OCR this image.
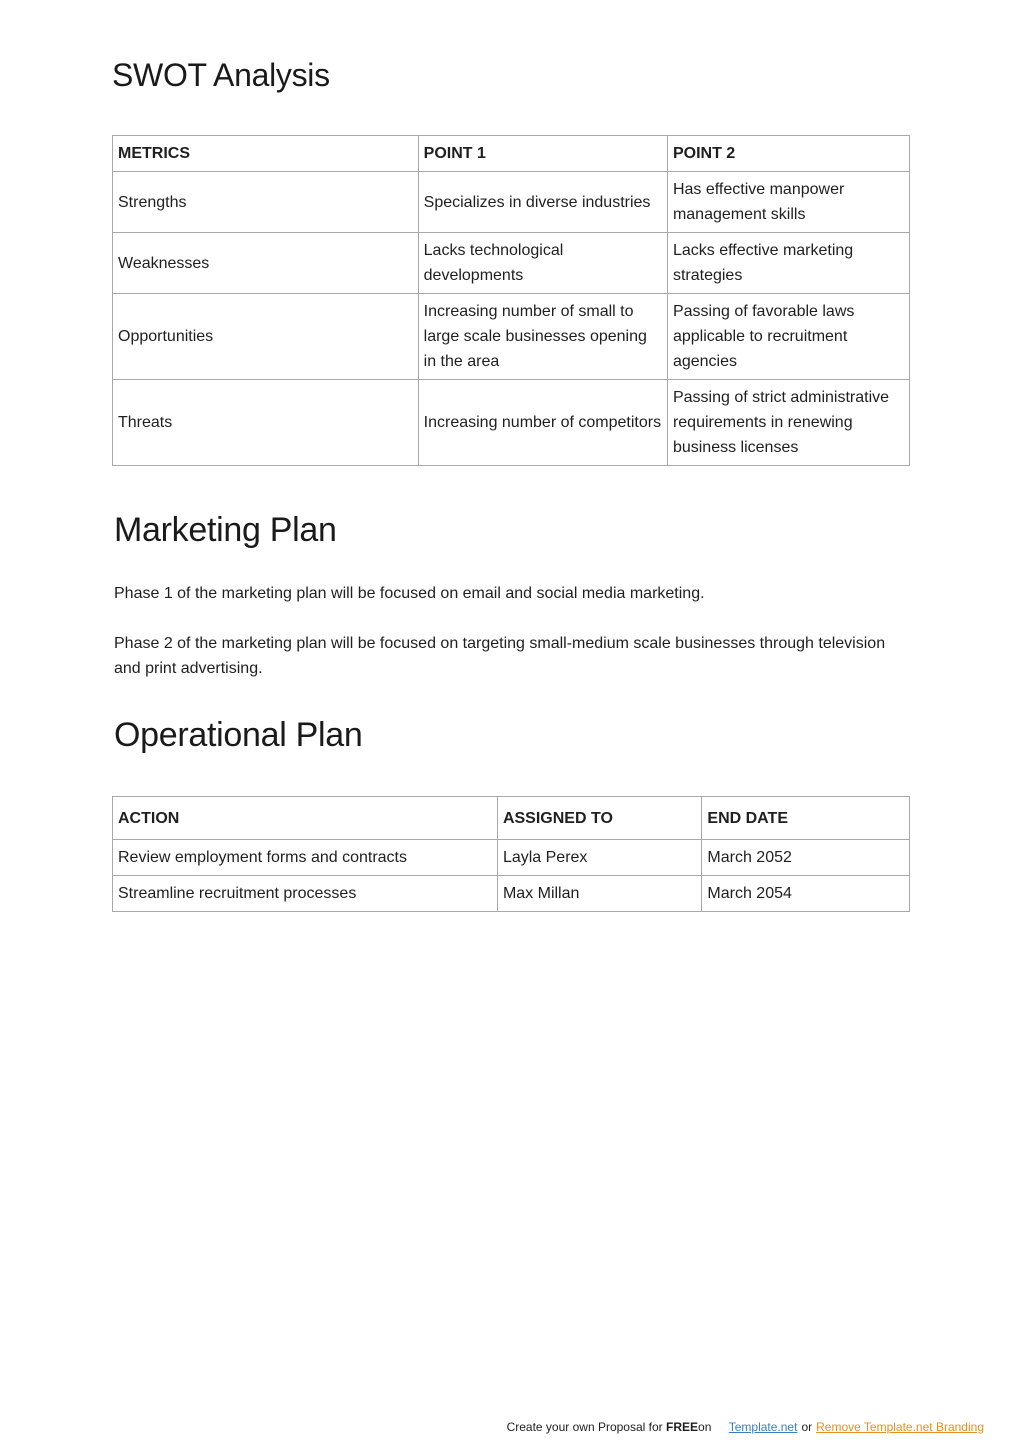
SWOT Analysis
METRICS	POINT 1	POINT 2
Strengths	Specializes in diverse industries	Has effective manpower management skills
Weaknesses	Lacks technological developments	Lacks effective marketing strategies
Opportunities	Increasing number of small to large scale businesses opening in the area	Passing of favorable laws applicable to recruitment agencies
Threats	Increasing number of competitors	Passing of strict administrative requirements in renewing business licenses
Marketing Plan

Phase 1 of the marketing plan will be focused on email and social media marketing.

Phase 2 of the marketing plan will be focused on targeting small-medium scale businesses through television and print advertising.

Operational Plan
ACTION	ASSIGNED TO	END DATE
Review employment forms and contracts	Layla Perex	March 2052
Streamline recruitment processes	Max Millan	March 2054
Create your own Proposal for FREEon Template.net or Remove Template.net Branding
